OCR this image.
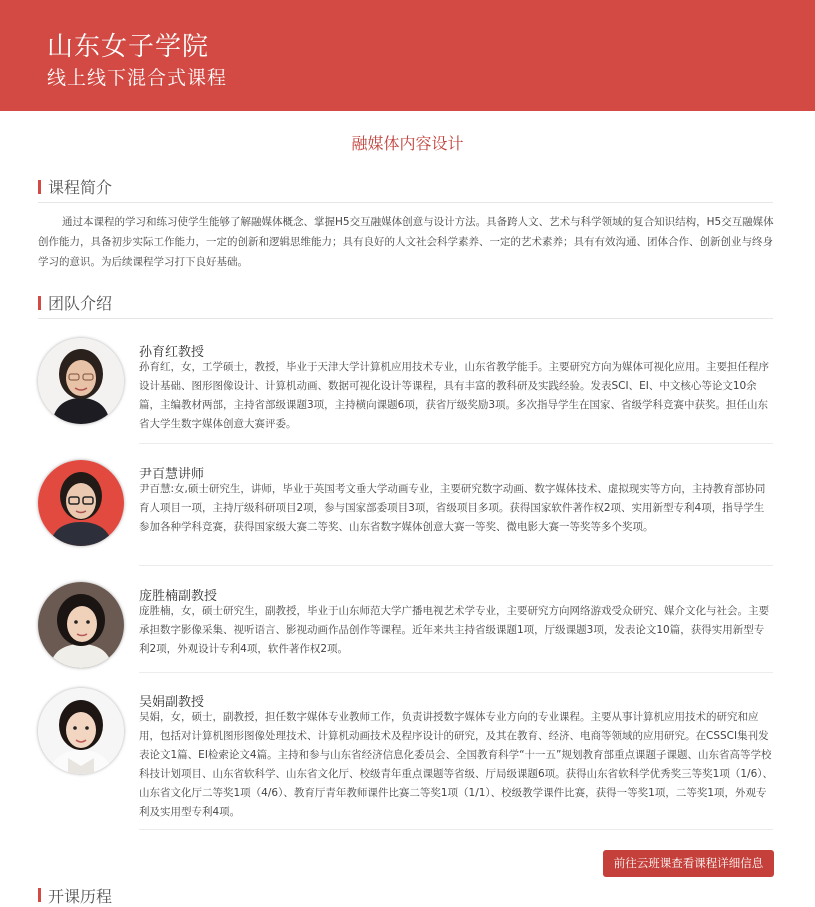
山东女子学院
线上线下混合式课程
融媒体内容设计
课程简介
通过本课程的学习和练习使学生能够了解融媒体概念、掌握H5交互融媒体创意与设计方法。具备跨人文、艺术与科学领域的复合知识结构，H5交互融媒体创作能力，具备初步实际工作能力，一定的创新和逻辑思维能力；具有良好的人文社会科学素养、一定的艺术素养；具有有效沟通、团体合作、创新创业与终身学习的意识。为后续课程学习打下良好基础。
团队介绍
孙育红教授
孙育红，女，工学硕士，教授，毕业于天津大学计算机应用技术专业，山东省教学能手。主要研究方向为媒体可视化应用。主要担任程序设计基础、图形图像设计、计算机动画、数据可视化设计等课程，具有丰富的教科研及实践经验。发表SCI、EI、中文核心等论文10余篇，主编教材两部，主持省部级课题3项，主持横向课题6项，获省厅级奖励3项。多次指导学生在国家、省级学科竞赛中获奖。担任山东省大学生数字媒体创意大赛评委。
尹百慧讲师
尹百慧:女,硕士研究生，讲师，毕业于英国考文垂大学动画专业，主要研究数字动画、数字媒体技术、虚拟现实等方向，主持教育部协同育人项目一项，主持厅级科研项目2项，参与国家部委项目3项，省级项目多项。获得国家软件著作权2项、实用新型专利4项，指导学生参加各种学科竞赛，获得国家级大赛二等奖、山东省数字媒体创意大赛一等奖、微电影大赛一等奖等多个奖项。
庞胜楠副教授
庞胜楠，女，硕士研究生，副教授，毕业于山东师范大学广播电视艺术学专业，主要研究方向网络游戏受众研究、媒介文化与社会。主要承担数字影像采集、视听语言、影视动画作品创作等课程。近年来共主持省级课题1项，厅级课题3项，发表论文10篇，获得实用新型专利2项，外观设计专利4项，软件著作权2项。
吴娟副教授
吴娟，女，硕士，副教授，担任数字媒体专业教师工作，负责讲授数字媒体专业方向的专业课程。主要从事计算机应用技术的研究和应用，包括对计算机图形图像处理技术、计算机动画技术及程序设计的研究，及其在教育、经济、电商等领域的应用研究。在CSSCI集刊发表论文1篇、EI检索论文4篇。主持和参与山东省经济信息化委员会、全国教育科学“十一五”规划教育部重点课题子课题、山东省高等学校科技计划项目、山东省软科学、山东省文化厅、校级青年重点课题等省级、厅局级课题6项。获得山东省软科学优秀奖三等奖1项（1/6）、山东省文化厅二等奖1项（4/6）、教育厅青年教师课件比赛二等奖1项（1/1）、校级教学课件比赛，获得一等奖1项，二等奖1项，外观专利及实用型专利4项。
前往云班课查看课程详细信息
开课历程
